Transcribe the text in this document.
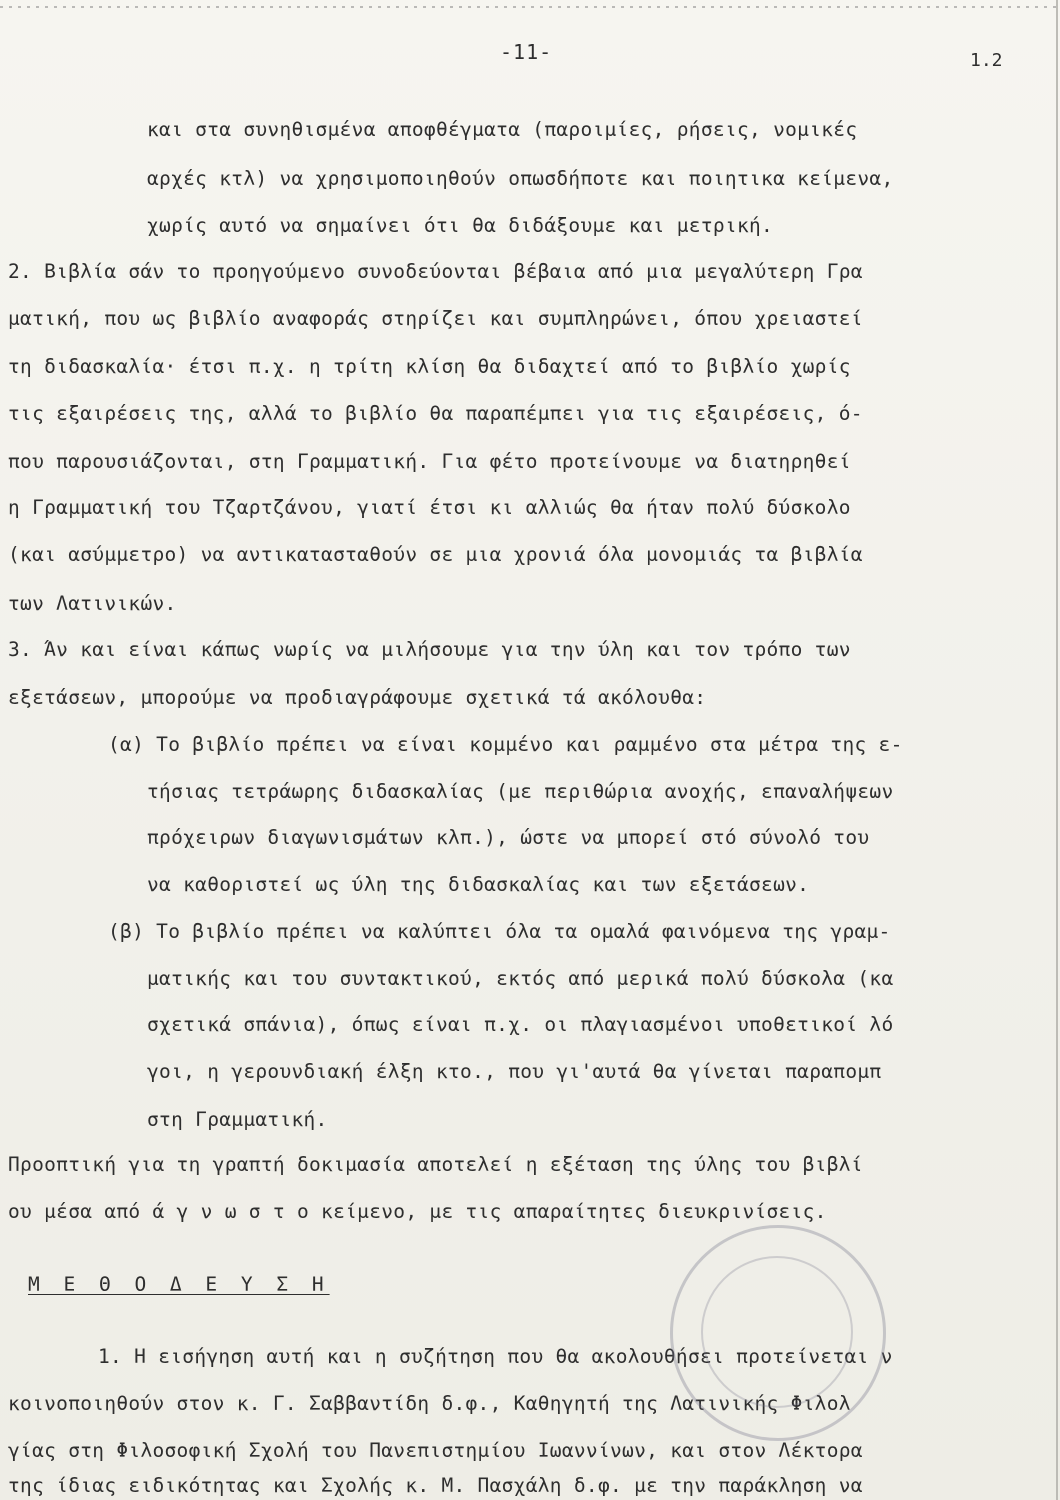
-11-	1.2
και στα συνηθισμένα αποφθέγματα (παροιμίες, ρήσεις, νομικές
αρχές κτλ) να χρησιμοποιηθούν οπωσδήποτε και ποιητικα κείμενα,
χωρίς αυτό να σημαίνει ότι θα διδάξουμε και μετρική.
2. Βιβλία σάν το προηγούμενο συνοδεύονται βέβαια από μια μεγαλύτερη Γρα
ματική, που ως βιβλίο αναφοράς στηρίζει και συμπληρώνει, όπου χρειαστεί
τη διδασκαλία· έτσι π.χ. η τρίτη κλίση θα διδαχτεί από το βιβλίο χωρίς
τις εξαιρέσεις της, αλλά το βιβλίο θα παραπέμπει για τις εξαιρέσεις, ό-
που παρουσιάζονται, στη Γραμματική. Για φέτο προτείνουμε να διατηρηθεί
η Γραμματική του Τζαρτζάνου, γιατί έτσι κι αλλιώς θα ήταν πολύ δύσκολο
(και ασύμμετρο) να αντικατασταθούν σε μια χρονιά όλα μονομιάς τα βιβλία
των Λατινικών.
3. Άν και είναι κάπως νωρίς να μιλήσουμε για την ύλη και τον τρόπο των
εξετάσεων, μπορούμε να προδιαγράφουμε σχετικά τά ακόλουθα:
(α) Το βιβλίο πρέπει να είναι κομμένο και ραμμένο στα μέτρα της ε-
τήσιας τετράωρης διδασκαλίας (με περιθώρια ανοχής, επαναλήψεων
πρόχειρων διαγωνισμάτων κλπ.), ώστε να μπορεί στό σύνολό του
να καθοριστεί ως ύλη της διδασκαλίας και των εξετάσεων.
(β) Το βιβλίο πρέπει να καλύπτει όλα τα ομαλά φαινόμενα της γραμ-
ματικής και του συντακτικού, εκτός από μερικά πολύ δύσκολα (κα
σχετικά σπάνια), όπως είναι π.χ. οι πλαγιασμένοι υποθετικοί λό
γοι, η γερουνδιακή έλξη κτο., που γι'αυτά θα γίνεται παραπομπ
στη Γραμματική.
Προοπτική για τη γραπτή δοκιμασία αποτελεί η εξέταση της ύλης του βιβλί
ου μέσα από ά γ ν ω σ τ ο κείμενο, με τις απαραίτητες διευκρινίσεις.
Μ Ε Θ Ο Δ Ε Υ Σ Η
1. Η εισήγηση αυτή και η συζήτηση που θα ακολουθήσει προτείνεται ν
κοινοποιηθούν στον κ. Γ. Σαββαντίδη δ.φ., Καθηγητή της Λατινικής Φιλολ
γίας στη Φιλοσοφική Σχολή του Πανεπιστημίου Ιωαννίνων, και στον Λέκτορα
της ίδιας ειδικότητας και Σχολής κ. Μ. Πασχάλη δ.φ. με την παράκληση να
